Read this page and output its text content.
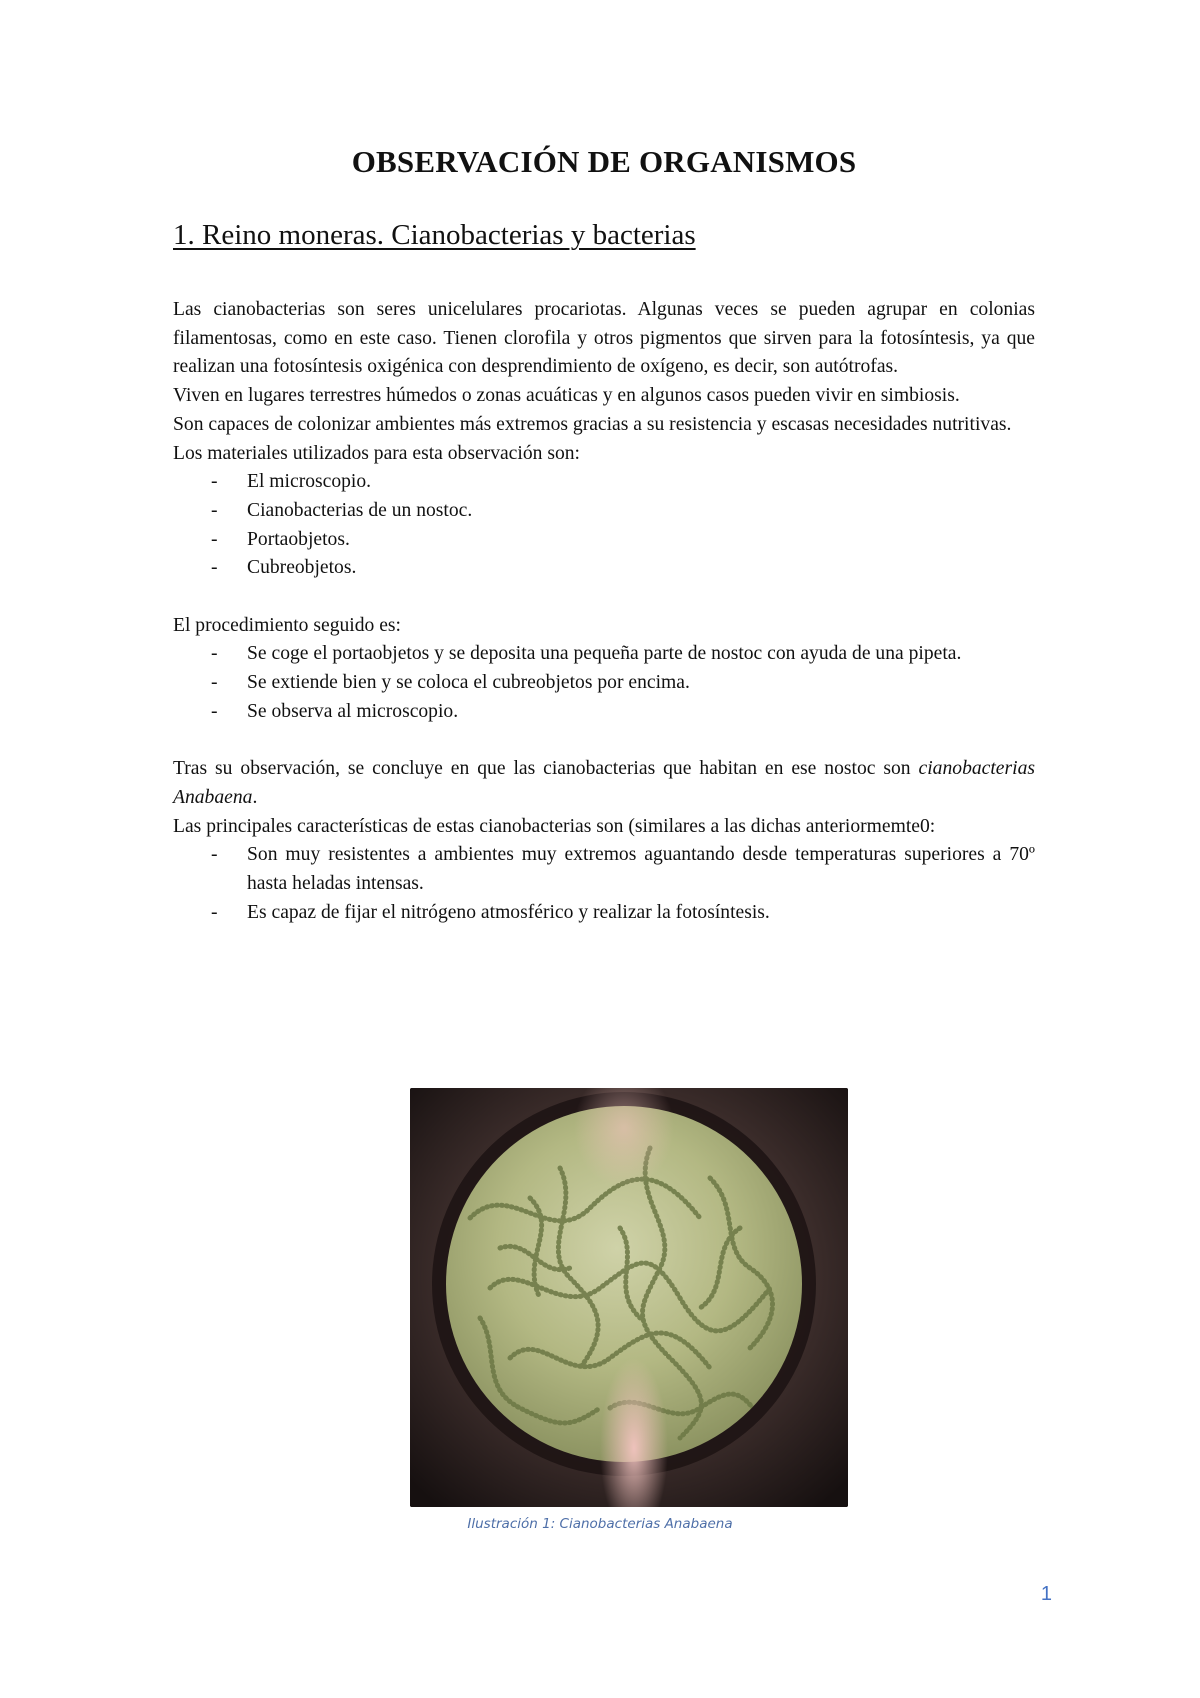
OBSERVACIÓN DE ORGANISMOS
1. Reino moneras. Cianobacterias y bacterias

Las cianobacterias son seres unicelulares procariotas. Algunas veces se pueden agrupar en colonias filamentosas, como en este caso. Tienen clorofila y otros pigmentos que sirven para la fotosíntesis, ya que realizan una fotosíntesis oxigénica con desprendimiento de oxígeno, es decir, son autótrofas.

Viven en lugares terrestres húmedos o zonas acuáticas y en algunos casos pueden vivir en simbiosis.

Son capaces de colonizar ambientes más extremos gracias a su resistencia y escasas necesidades nutritivas.

Los materiales utilizados para esta observación son:

- El microscopio.
- Cianobacterias de un nostoc.
- Portaobjetos.
- Cubreobjetos.

El procedimiento seguido es:

- Se coge el portaobjetos y se deposita una pequeña parte de nostoc con ayuda de una pipeta.
- Se extiende bien y se coloca el cubreobjetos por encima.
- Se observa al microscopio.

Tras su observación, se concluye en que las cianobacterias que habitan en ese nostoc son cianobacterias Anabaena.

Las principales características de estas cianobacterias son (similares a las dichas anteriormemte0:

- Son muy resistentes a ambientes muy extremos aguantando desde temperaturas superiores a 70º hasta heladas intensas.
- Es capaz de fijar el nitrógeno atmosférico y realizar la fotosíntesis.
Ilustración 1: Cianobacterias Anabaena
1
